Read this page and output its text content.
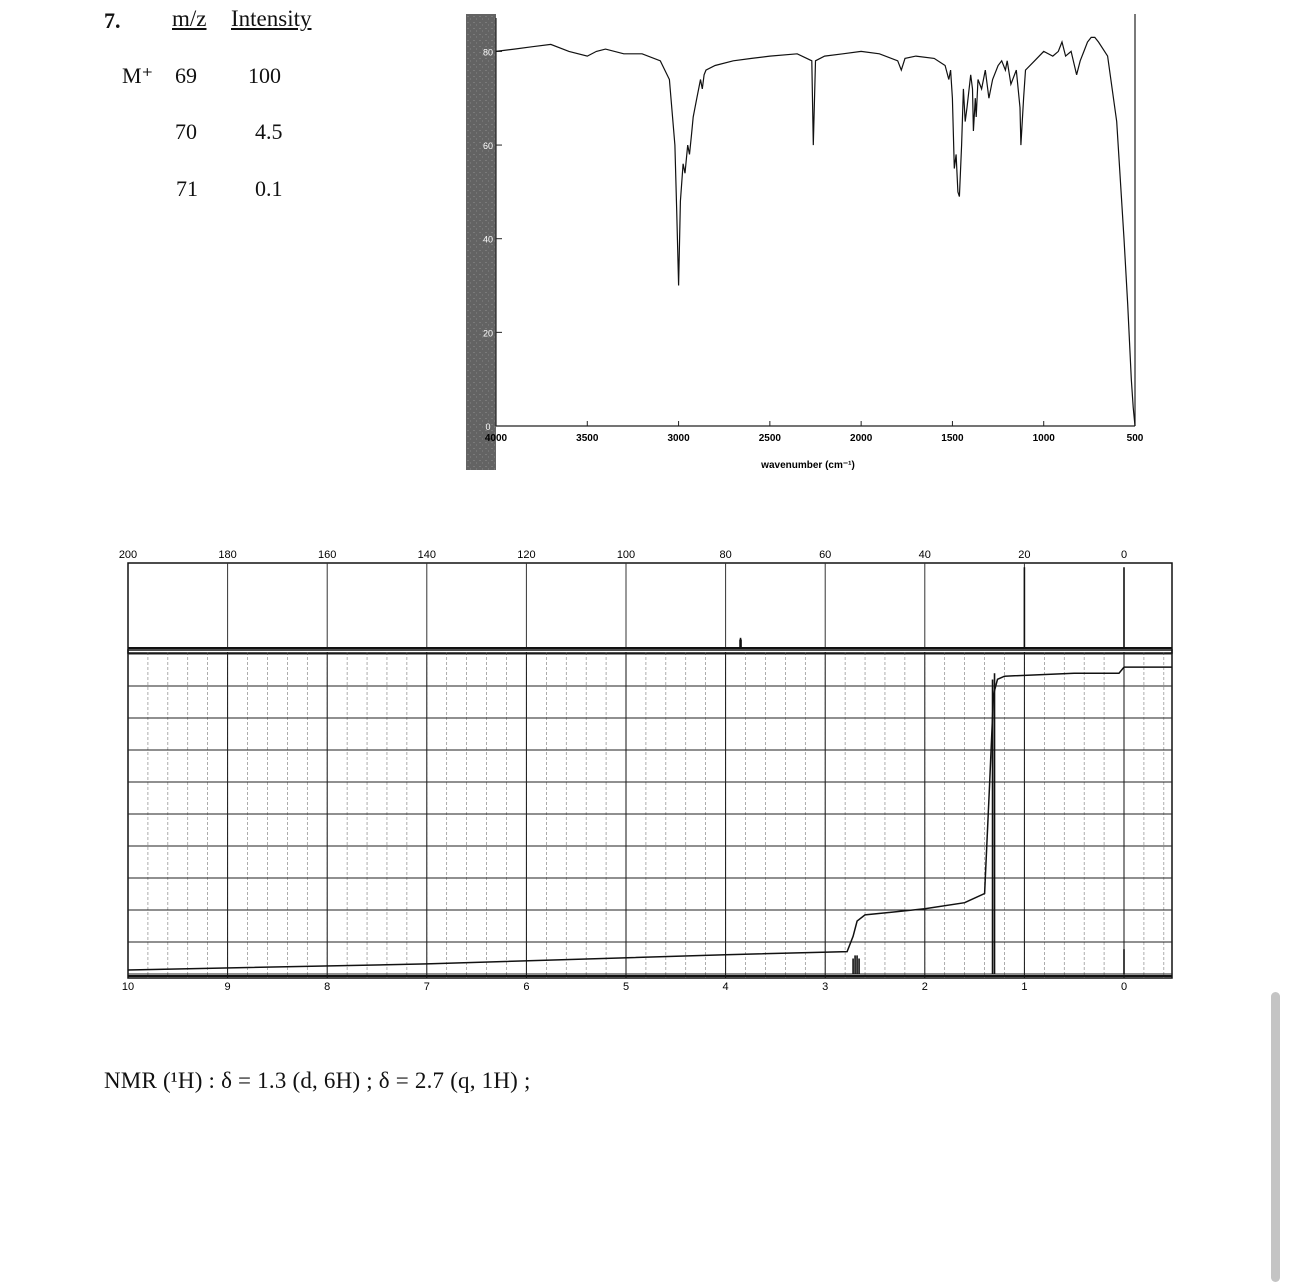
7. m/z Intensity
M⁺ 69 100
70	4.5
71	0.1
0
20
40
60
80
4000	3500	3000	2500	2000	1500	1000	500
wavenumber (cm⁻¹)
200	180	160	140	120	100	80	60	40	20	0
10	9	8	7	6	5	4	3	2	1	0
NMR (¹H) : δ = 1.3 (d, 6H) ; δ = 2.7 (q, 1H) ;
